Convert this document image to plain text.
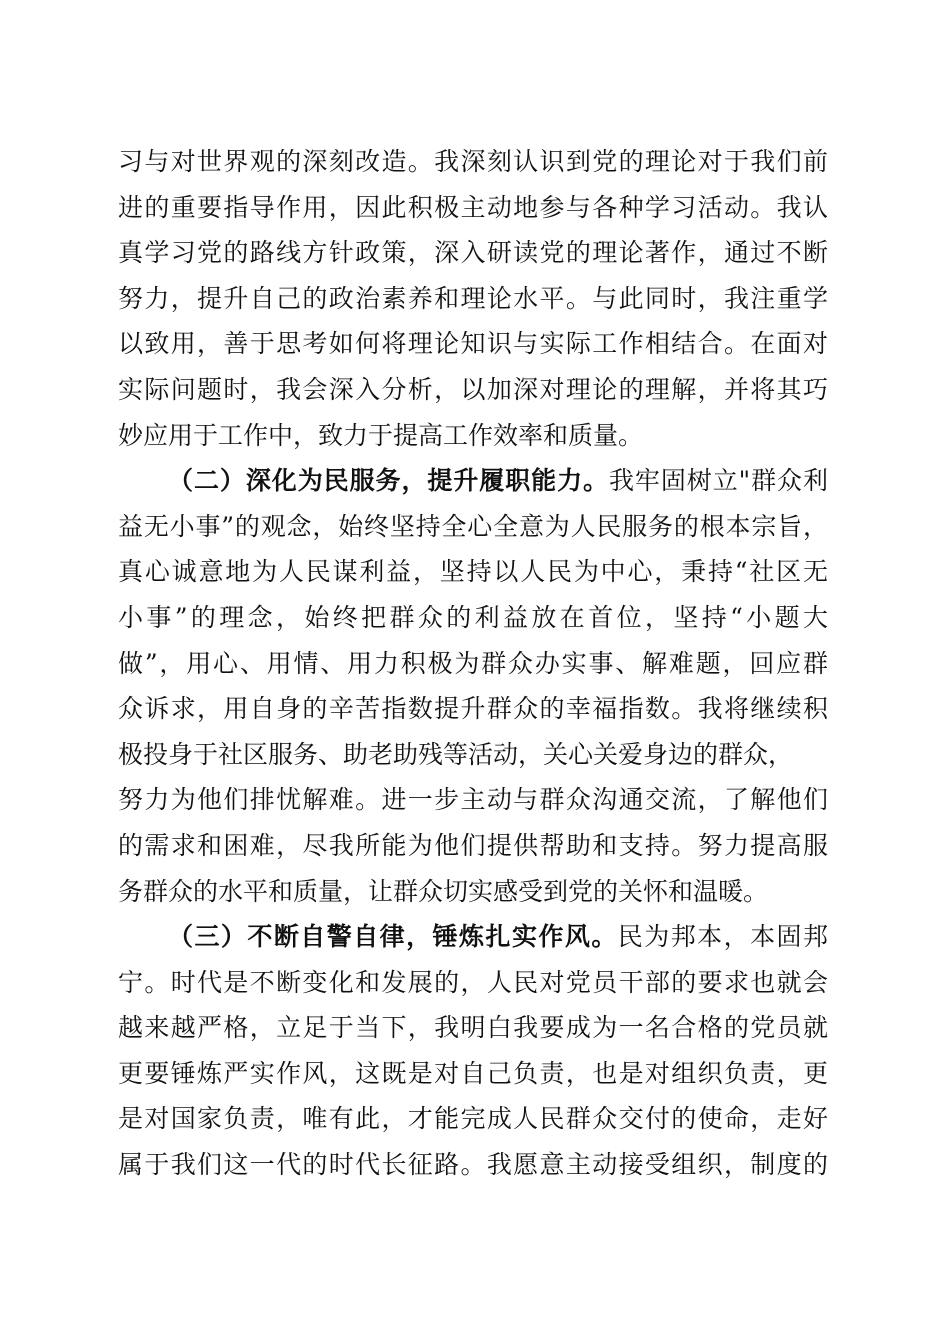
习与对世界观的深刻改造。我深刻认识到党的理论对于我们前
进的重要指导作用，因此积极主动地参与各种学习活动。我认
真学习党的路线方针政策，深入研读党的理论著作，通过不断
努力，提升自己的政治素养和理论水平。与此同时，我注重学
以致用，善于思考如何将理论知识与实际工作相结合。在面对
实际问题时，我会深入分析，以加深对理论的理解，并将其巧
妙应用于工作中，致力于提高工作效率和质量。
（二）深化为民服务，提升履职能力。我牢固树立"群众利
益无小事”的观念，始终坚持全心全意为人民服务的根本宗旨，
真心诚意地为人民谋利益，坚持以人民为中心，秉持“社区无
小事”的理念，始终把群众的利益放在首位，坚持“小题大
做”，用心、用情、用力积极为群众办实事、解难题，回应群
众诉求，用自身的辛苦指数提升群众的幸福指数。我将继续积
极投身于社区服务、助老助残等活动，关心关爱身边的群众，
努力为他们排忧解难。进一步主动与群众沟通交流，了解他们
的需求和困难，尽我所能为他们提供帮助和支持。努力提高服
务群众的水平和质量，让群众切实感受到党的关怀和温暖。
（三）不断自警自律，锤炼扎实作风。民为邦本，本固邦
宁。时代是不断变化和发展的，人民对党员干部的要求也就会
越来越严格，立足于当下，我明白我要成为一名合格的党员就
更要锤炼严实作风，这既是对自己负责，也是对组织负责，更
是对国家负责，唯有此，才能完成人民群众交付的使命，走好
属于我们这一代的时代长征路。我愿意主动接受组织，制度的
